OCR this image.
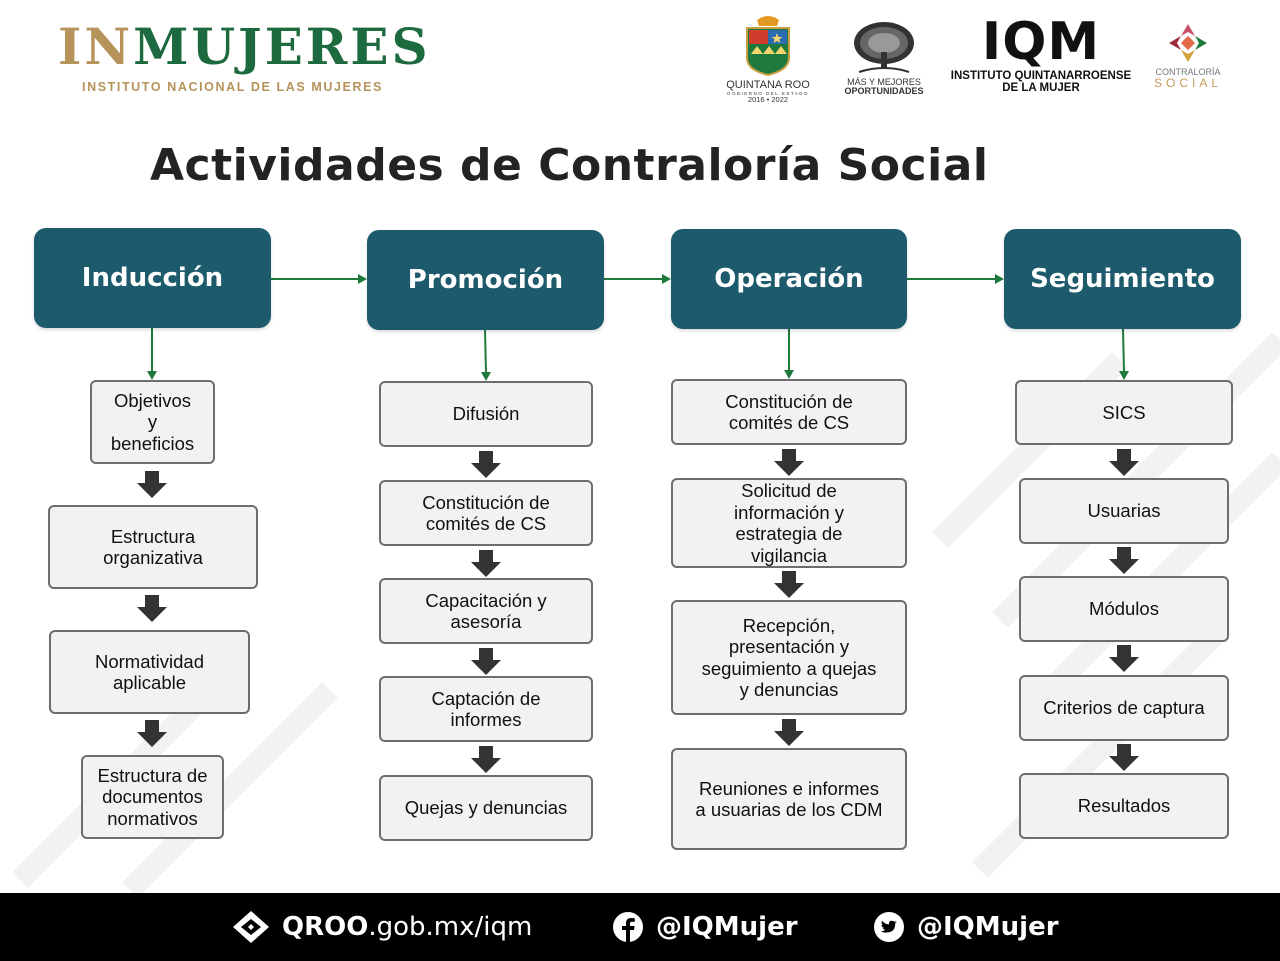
INMUJERES
INSTITUTO NACIONAL DE LAS MUJERES	QUINTANA ROO
GOBIERNO DEL ESTADO
2016 • 2022
MÁS Y MEJORES
OPORTUNIDADES
IQM
INSTITUTO QUINTANARROENSE
DE LA MUJER
CONTRALORÍA
SOCIAL
Actividades de Contraloría Social
Inducción	Promoción	Operación	Seguimiento
Objetivos
y
beneficios
Estructura
organizativa
Normatividad
aplicable
Estructura de
documentos
normativos
Difusión
Constitución de
comités de CS
Capacitación y
asesoría
Captación de
informes
Quejas y denuncias
Constitución de
comités de CS
Solicitud de
información y
estrategia de
vigilancia
Recepción,
presentación y
seguimiento a quejas
y denuncias
Reuniones e informes
a usuarias de los CDM
SICS
Usuarias
Módulos
Criterios de captura
Resultados
QROO .gob.mx/iqm	@IQMujer	@IQMujer
